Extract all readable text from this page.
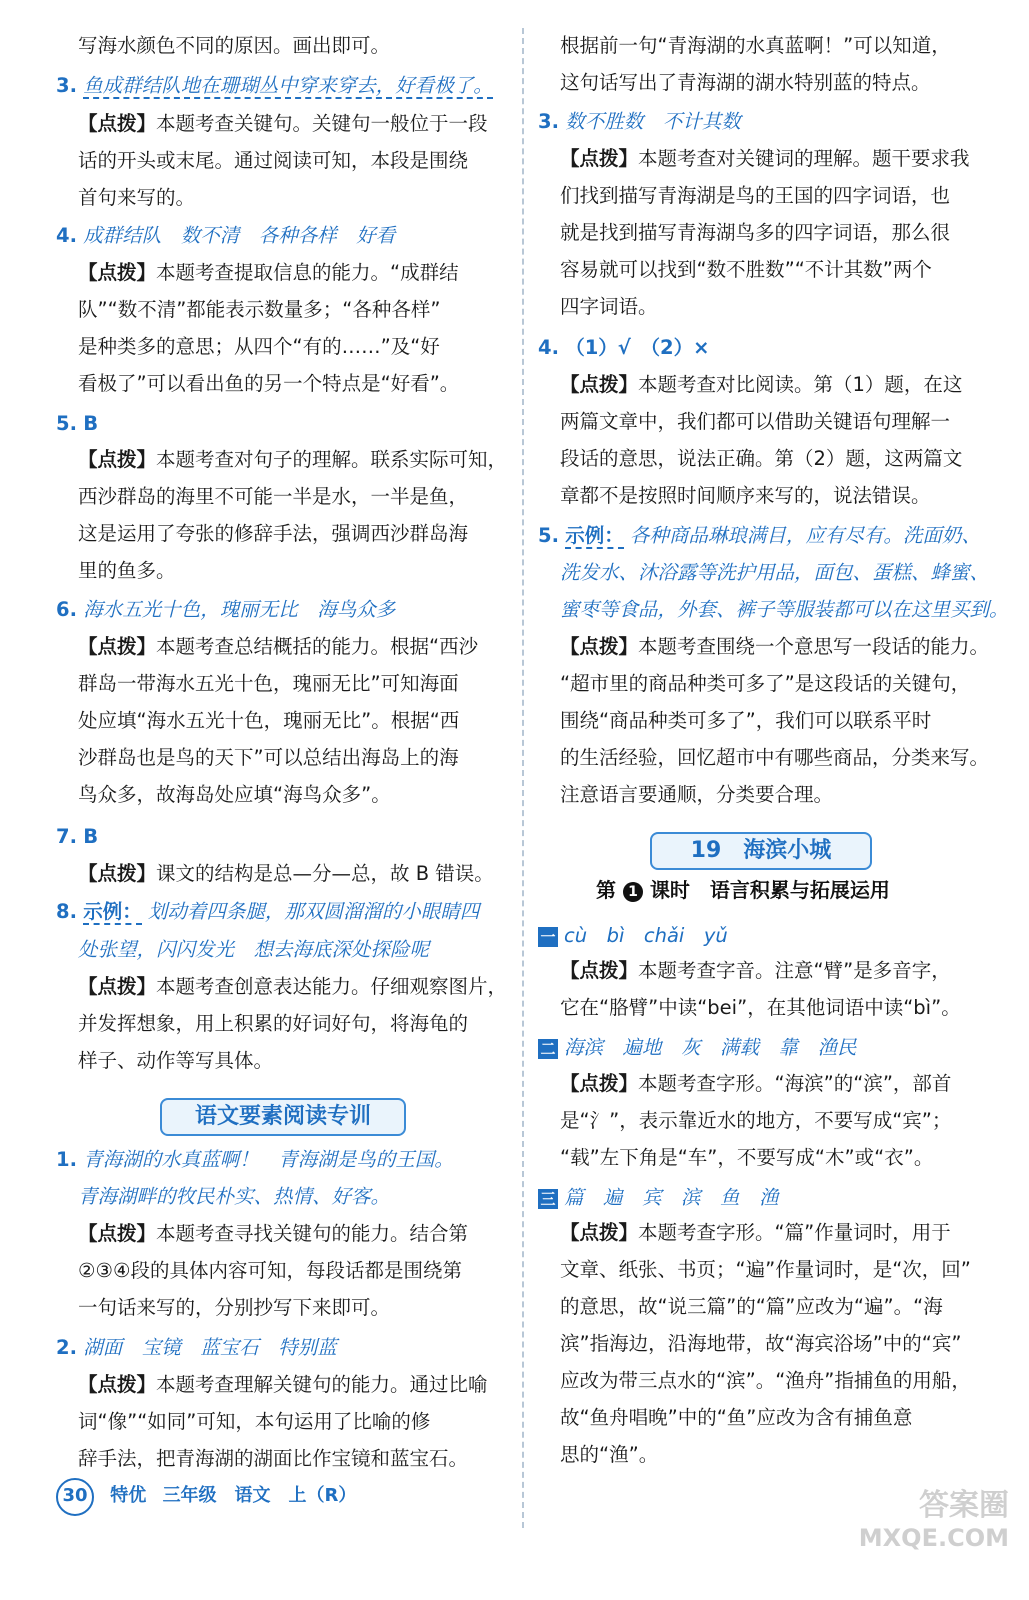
写海水颜色不同的原因。画出即可。
3. 鱼成群结队地在珊瑚丛中穿来穿去，好看极了。
【点拨】本题考查关键句。关键句一般位于一段
话的开头或末尾。通过阅读可知，本段是围绕
首句来写的。
4. 成群结队　数不清　各种各样　好看
【点拨】本题考查提取信息的能力。“成群结
队”“数不清”都能表示数量多；“各种各样”
是种类多的意思；从四个“有的……”及“好
看极了”可以看出鱼的另一个特点是“好看”。
5. B
【点拨】本题考查对句子的理解。联系实际可知，
西沙群岛的海里不可能一半是水，一半是鱼，
这是运用了夸张的修辞手法，强调西沙群岛海
里的鱼多。
6. 海水五光十色，瑰丽无比　海鸟众多
【点拨】本题考查总结概括的能力。根据“西沙
群岛一带海水五光十色，瑰丽无比”可知海面
处应填“海水五光十色，瑰丽无比”。根据“西
沙群岛也是鸟的天下”可以总结出海岛上的海
鸟众多，故海岛处应填“海鸟众多”。
7. B
【点拨】课文的结构是总—分—总，故 B 错误。
8. 示例： 划动着四条腿，那双圆溜溜的小眼睛四
处张望，闪闪发光　想去海底深处探险呢
【点拨】本题考查创意表达能力。仔细观察图片，
并发挥想象，用上积累的好词好句，将海龟的
样子、动作等写具体。
语文要素阅读专训
1. 青海湖的水真蓝啊！　青海湖是鸟的王国。
青海湖畔的牧民朴实、热情、好客。
【点拨】本题考查寻找关键句的能力。结合第
②③④段的具体内容可知，每段话都是围绕第
一句话来写的，分别抄写下来即可。
2. 湖面　宝镜　蓝宝石　特别蓝
【点拨】本题考查理解关键句的能力。通过比喻
词“像”“如同”可知，本句运用了比喻的修
辞手法，把青海湖的湖面比作宝镜和蓝宝石。
根据前一句“青海湖的水真蓝啊！”可以知道，
这句话写出了青海湖的湖水特别蓝的特点。
3. 数不胜数　不计其数
【点拨】本题考查对关键词的理解。题干要求我
们找到描写青海湖是鸟的王国的四字词语，也
就是找到描写青海湖鸟多的四字词语，那么很
容易就可以找到“数不胜数”“不计其数”两个
四字词语。
4. （1）√　（2）×
【点拨】本题考查对比阅读。第（1）题，在这
两篇文章中，我们都可以借助关键语句理解一
段话的意思，说法正确。第（2）题，这两篇文
章都不是按照时间顺序来写的，说法错误。
5. 示例： 各种商品琳琅满目，应有尽有。洗面奶、
洗发水、沐浴露等洗护用品，面包、蛋糕、蜂蜜、
蜜枣等食品，外套、裤子等服装都可以在这里买到。
【点拨】本题考查围绕一个意思写一段话的能力。
“超市里的商品种类可多了”是这段话的关键句，
围绕“商品种类可多了”，我们可以联系平时
的生活经验，回忆超市中有哪些商品，分类来写。
注意语言要通顺，分类要合理。
19 海滨小城
第 1 课时　语言积累与拓展运用
一 cù　bì　chǎi　yǔ
【点拨】本题考查字音。注意“臂”是多音字，
它在“胳臂”中读“bei”，在其他词语中读“bì”。
二 海滨　遍地　灰　满载　靠　渔民
【点拨】本题考查字形。“海滨”的“滨”，部首
是“氵”，表示靠近水的地方，不要写成“宾”；
“载”左下角是“车”，不要写成“木”或“衣”。
三 篇　遍　宾　滨　鱼　渔
【点拨】本题考查字形。“篇”作量词时，用于
文章、纸张、书页；“遍”作量词时，是“次，回”
的意思，故“说三篇”的“篇”应改为“遍”。“海
滨”指海边，沿海地带，故“海宾浴场”中的“宾”
应改为带三点水的“滨”。“渔舟”指捕鱼的用船，
故“鱼舟唱晚”中的“鱼”应改为含有捕鱼意
思的“渔”。
30 特优 三年级　语文　上（R）	答案圈
MXQE.COM
